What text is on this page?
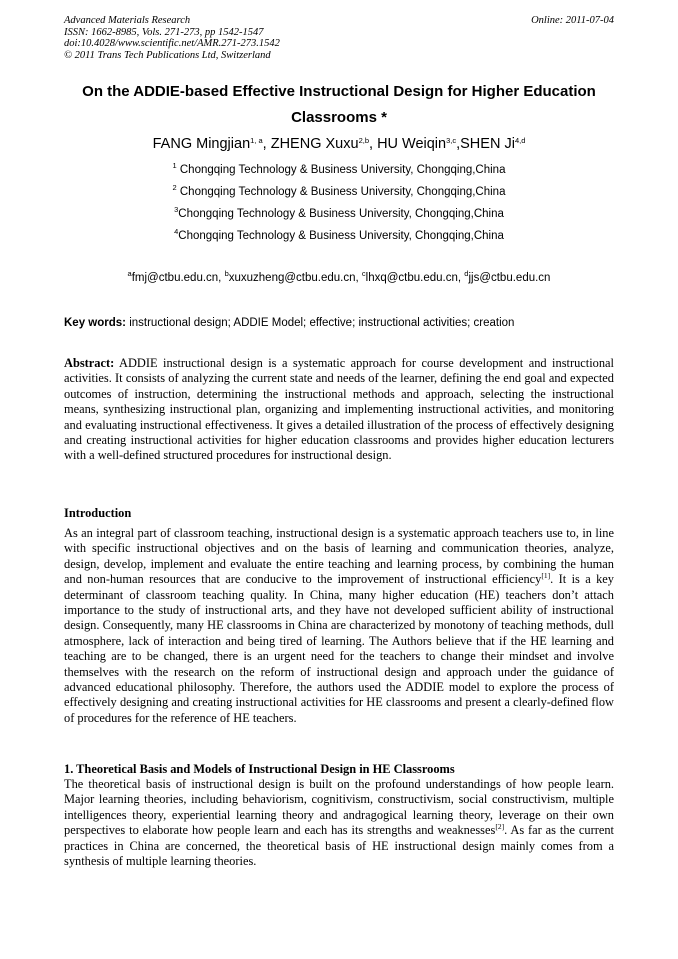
Advanced Materials Research
ISSN: 1662-8985, Vols. 271-273, pp 1542-1547
doi:10.4028/www.scientific.net/AMR.271-273.1542
© 2011 Trans Tech Publications Ltd, Switzerland
Online: 2011-07-04
On the ADDIE-based Effective Instructional Design for Higher Education
Classrooms *
FANG Mingjian$^{1, a}$, ZHENG Xuxu$^{2,b}$, HU Weiqin$^{3,c}$,SHEN Ji$^{4,d}$
$^1$ Chongqing Technology & Business University, Chongqing,China
$^2$ Chongqing Technology & Business University, Chongqing,China
$^3$Chongqing Technology & Business University, Chongqing,China
$^4$Chongqing Technology & Business University, Chongqing,China
$^a$fmj@ctbu.edu.cn, $^b$xuxuzheng@ctbu.edu.cn, $^c$lhxq@ctbu.edu.cn, $^d$jjs@ctbu.edu.cn
Key words: instructional design; ADDIE Model; effective; instructional activities; creation
Abstract: ADDIE instructional design is a systematic approach for course development and instructional activities. It consists of analyzing the current state and needs of the learner, defining the end goal and expected outcomes of instruction, determining the instructional methods and approach, selecting the instructional means, synthesizing instructional plan, organizing and implementing instructional activities, and monitoring and evaluating instructional effectiveness. It gives a detailed illustration of the process of effectively designing and creating instructional activities for higher education classrooms and provides higher education lecturers with a well-defined structured procedures for instructional design.
Introduction
As an integral part of classroom teaching, instructional design is a systematic approach teachers use to, in line with specific instructional objectives and on the basis of learning and communication theories, analyze, design, develop, implement and evaluate the entire teaching and learning process, by combining the human and non-human resources that are conducive to the improvement of instructional efficiency[1]. It is a key determinant of classroom teaching quality. In China, many higher education (HE) teachers don’t attach importance to the study of instructional arts, and they have not developed sufficient ability of instructional design. Consequently, many HE classrooms in China are characterized by monotony of teaching methods, dull atmosphere, lack of interaction and being tired of learning. The Authors believe that if the HE learning and teaching are to be changed, there is an urgent need for the teachers to change their mindset and involve themselves with the research on the reform of instructional design and approach under the guidance of advanced educational philosophy. Therefore, the authors used the ADDIE model to explore the process of effectively designing and creating instructional activities for HE classrooms and present a clearly-defined flow of procedures for the reference of HE teachers.
1. Theoretical Basis and Models of Instructional Design in HE Classrooms
The theoretical basis of instructional design is built on the profound understandings of how people learn. Major learning theories, including behaviorism, cognitivism, constructivism, social constructivism, multiple intelligences theory, experiential learning theory and andragogical learning theory, leverage on their own perspectives to elaborate how people learn and each has its strengths and weaknesses[2]. As far as the current practices in China are concerned, the theoretical basis of HE instructional design mainly comes from a synthesis of multiple learning theories.
